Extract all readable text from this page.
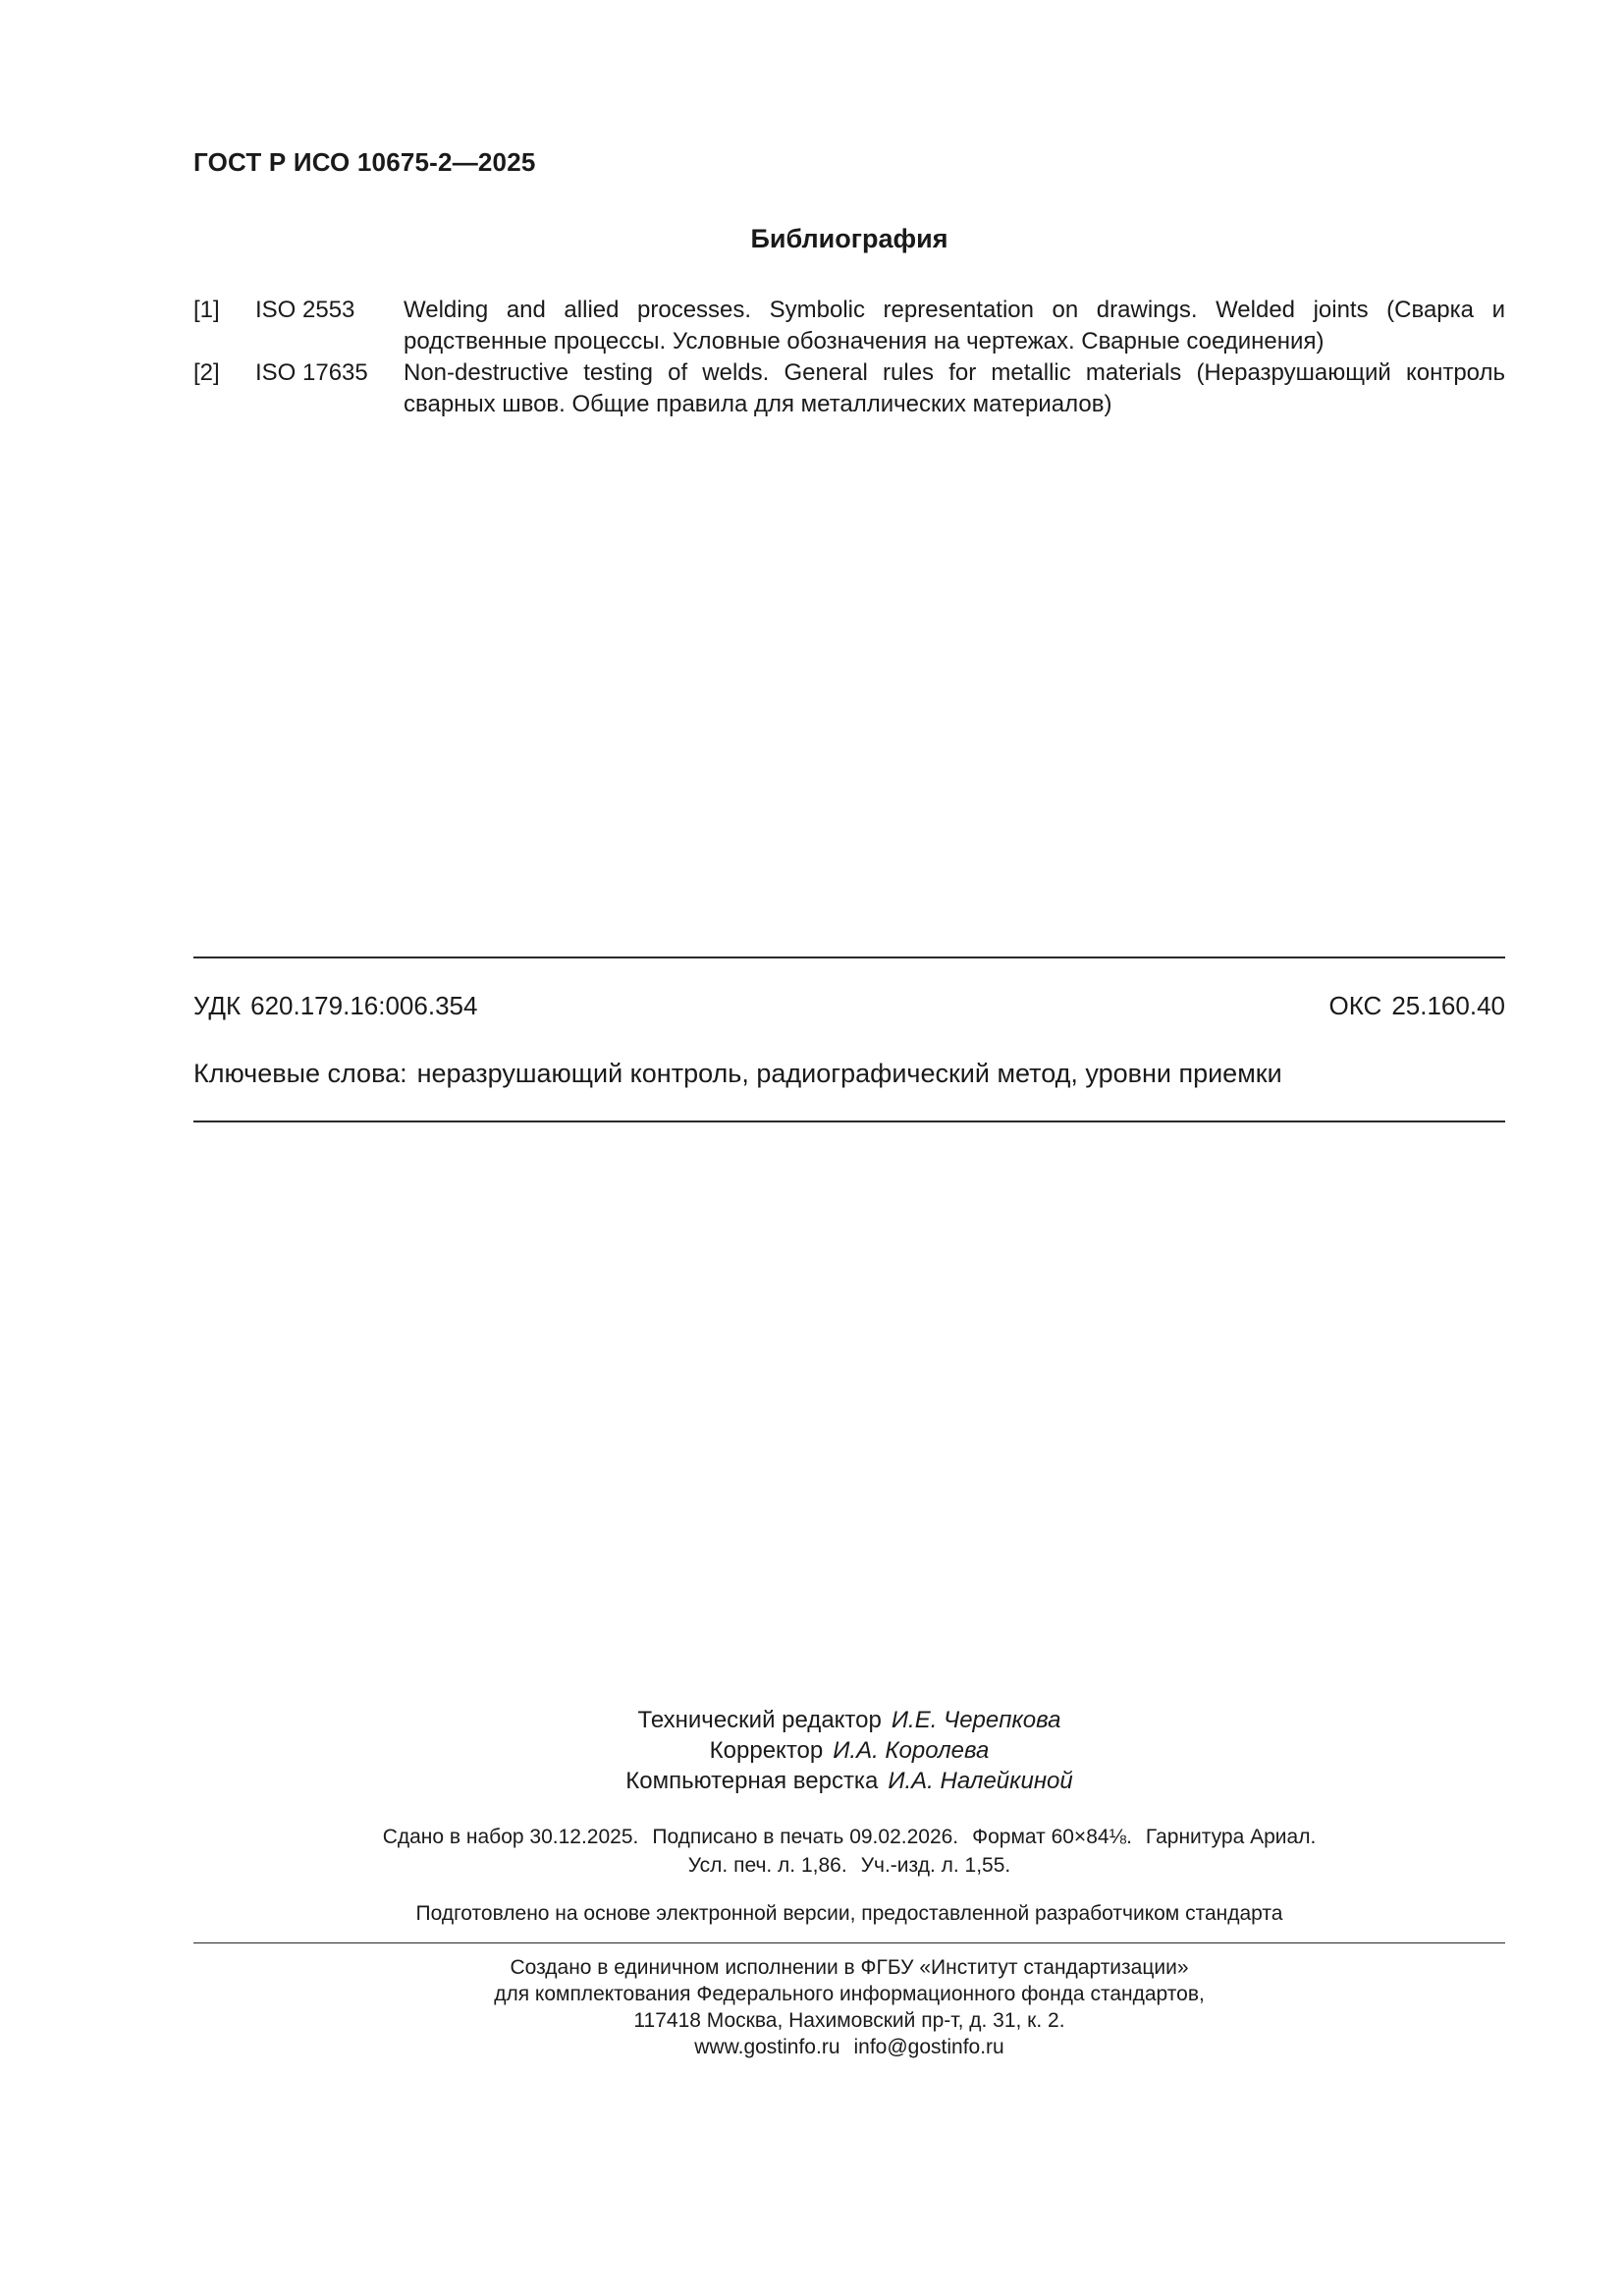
ГОСТ Р ИСО 10675-2—2025
Библиография
[1] ISO 2553 Welding and allied processes. Symbolic representation on drawings. Welded joints (Сварка и родственные процессы. Условные обозначения на чертежах. Сварные соединения)
[2] ISO 17635 Non-destructive testing of welds. General rules for metallic materials (Неразрушающий контроль сварных швов. Общие правила для металлических материалов)
УДК 620.179.16:006.354	ОКС 25.160.40
Ключевые слова: неразрушающий контроль, радиографический метод, уровни приемки
Технический редактор И.Е. Черепкова
Корректор И.А. Королева
Компьютерная верстка И.А. Налейкиной
Сдано в набор 30.12.2025. Подписано в печать 09.02.2026. Формат 60×84⅛. Гарнитура Ариал.
Усл. печ. л. 1,86. Уч.-изд. л. 1,55.
Подготовлено на основе электронной версии, предоставленной разработчиком стандарта
Создано в единичном исполнении в ФГБУ «Институт стандартизации»
для комплектования Федерального информационного фонда стандартов,
117418 Москва, Нахимовский пр-т, д. 31, к. 2.
www.gostinfo.ru info@gostinfo.ru
